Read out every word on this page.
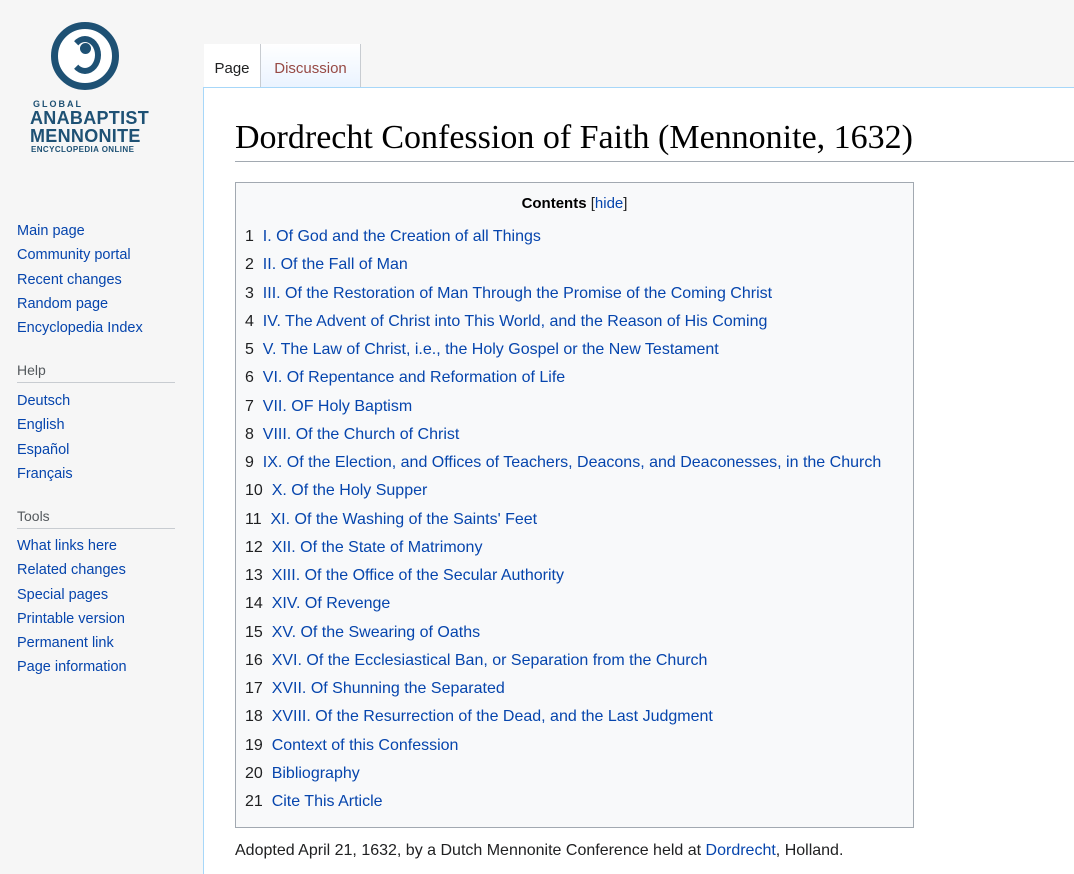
GLOBAL
ANABAPTIST
MENNONITE
ENCYCLOPEDIA ONLINE
Main page
Community portal
Recent changes
Random page
Encyclopedia Index
Help
Deutsch
English
Español
Français
Tools
What links here
Related changes
Special pages
Printable version
Permanent link
Page information
Page	Discussion
Dordrecht Confession of Faith (Mennonite, 1632)
Contents [hide]
1 I. Of God and the Creation of all Things
2 II. Of the Fall of Man
3 III. Of the Restoration of Man Through the Promise of the Coming Christ
4 IV. The Advent of Christ into This World, and the Reason of His Coming
5 V. The Law of Christ, i.e., the Holy Gospel or the New Testament
6 VI. Of Repentance and Reformation of Life
7 VII. OF Holy Baptism
8 VIII. Of the Church of Christ
9 IX. Of the Election, and Offices of Teachers, Deacons, and Deaconesses, in the Church
10 X. Of the Holy Supper
11 XI. Of the Washing of the Saints' Feet
12 XII. Of the State of Matrimony
13 XIII. Of the Office of the Secular Authority
14 XIV. Of Revenge
15 XV. Of the Swearing of Oaths
16 XVI. Of the Ecclesiastical Ban, or Separation from the Church
17 XVII. Of Shunning the Separated
18 XVIII. Of the Resurrection of the Dead, and the Last Judgment
19 Context of this Confession
20 Bibliography
21 Cite This Article
Adopted April 21, 1632, by a Dutch Mennonite Conference held at Dordrecht, Holland.
